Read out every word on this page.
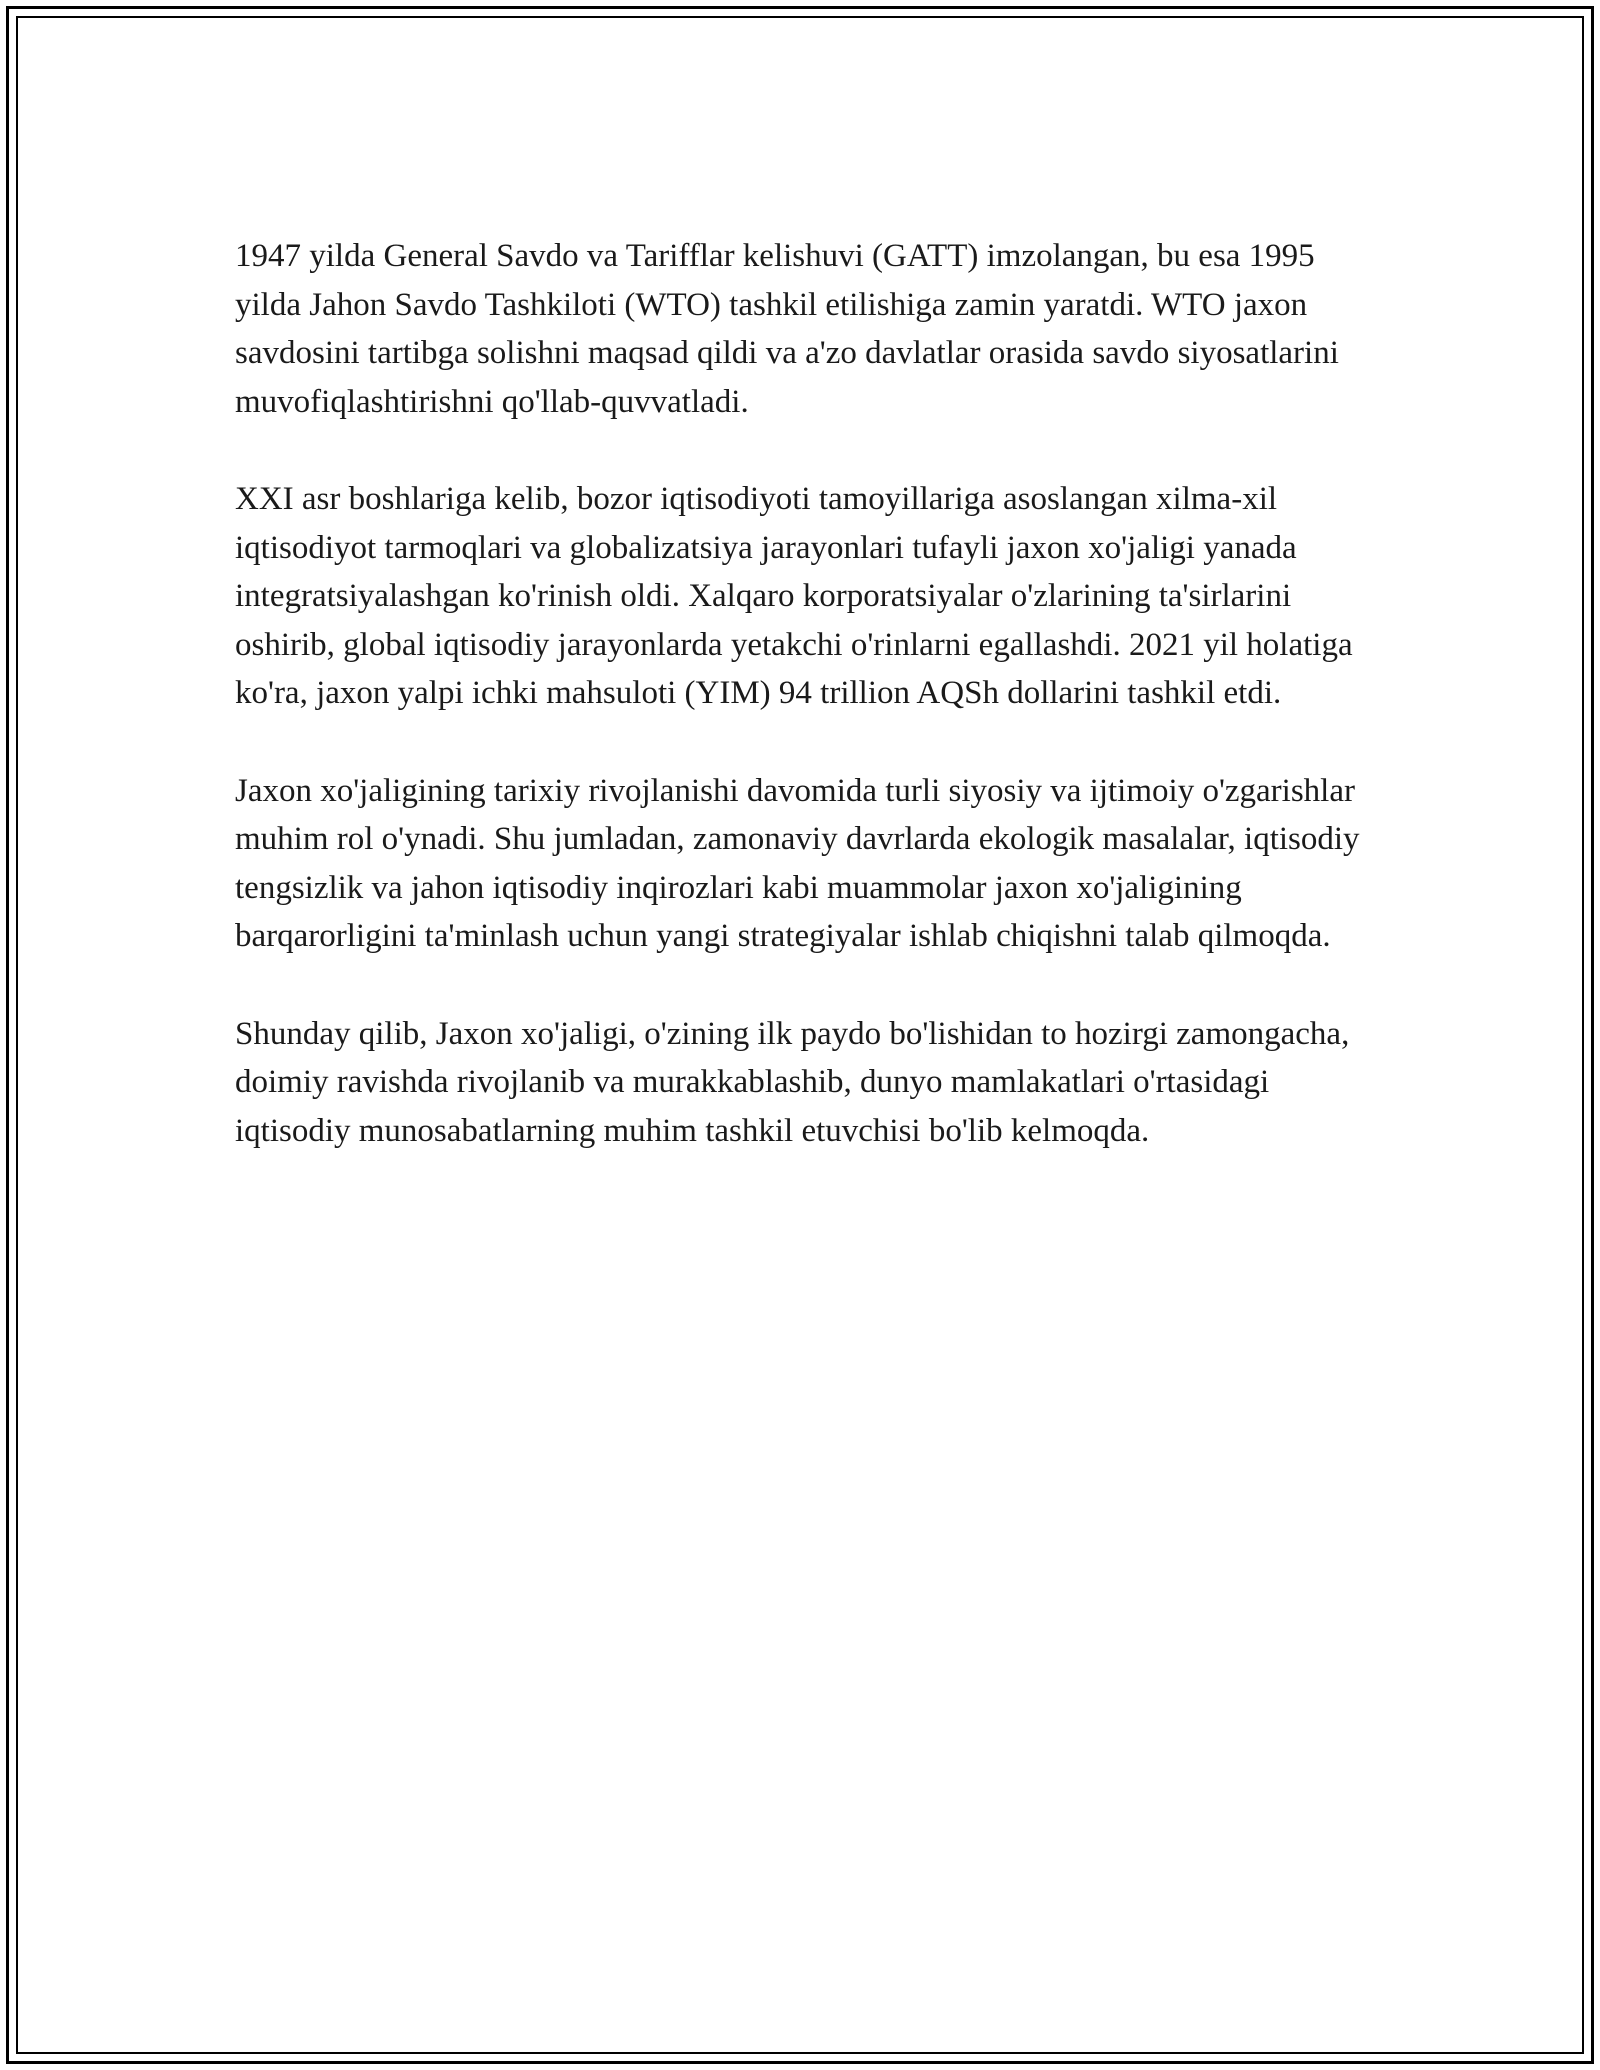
1947 yilda General Savdo va Tarifflar kelishuvi (GATT) imzolangan, bu esa 1995 yilda Jahon Savdo Tashkiloti (WTO) tashkil etilishiga zamin yaratdi. WTO jaxon savdosini tartibga solishni maqsad qildi va a'zo davlatlar orasida savdo siyosatlarini muvofiqlashtirishni qo'llab-quvvatladi.

XXI asr boshlariga kelib, bozor iqtisodiyoti tamoyillariga asoslangan xilma-xil iqtisodiyot tarmoqlari va globalizatsiya jarayonlari tufayli jaxon xo'jaligi yanada integratsiyalashgan ko'rinish oldi. Xalqaro korporatsiyalar o'zlarining ta'sirlarini oshirib, global iqtisodiy jarayonlarda yetakchi o'rinlarni egallashdi. 2021 yil holatiga ko'ra, jaxon yalpi ichki mahsuloti (YIM) 94 trillion AQSh dollarini tashkil etdi.

Jaxon xo'jaligining tarixiy rivojlanishi davomida turli siyosiy va ijtimoiy o'zgarishlar muhim rol o'ynadi. Shu jumladan, zamonaviy davrlarda ekologik masalalar, iqtisodiy tengsizlik va jahon iqtisodiy inqirozlari kabi muammolar jaxon xo'jaligining barqarorligini ta'minlash uchun yangi strategiyalar ishlab chiqishni talab qilmoqda.

Shunday qilib, Jaxon xo'jaligi, o'zining ilk paydo bo'lishidan to hozirgi zamongacha, doimiy ravishda rivojlanib va murakkablashib, dunyo mamlakatlari o'rtasidagi iqtisodiy munosabatlarning muhim tashkil etuvchisi bo'lib kelmoqda.
